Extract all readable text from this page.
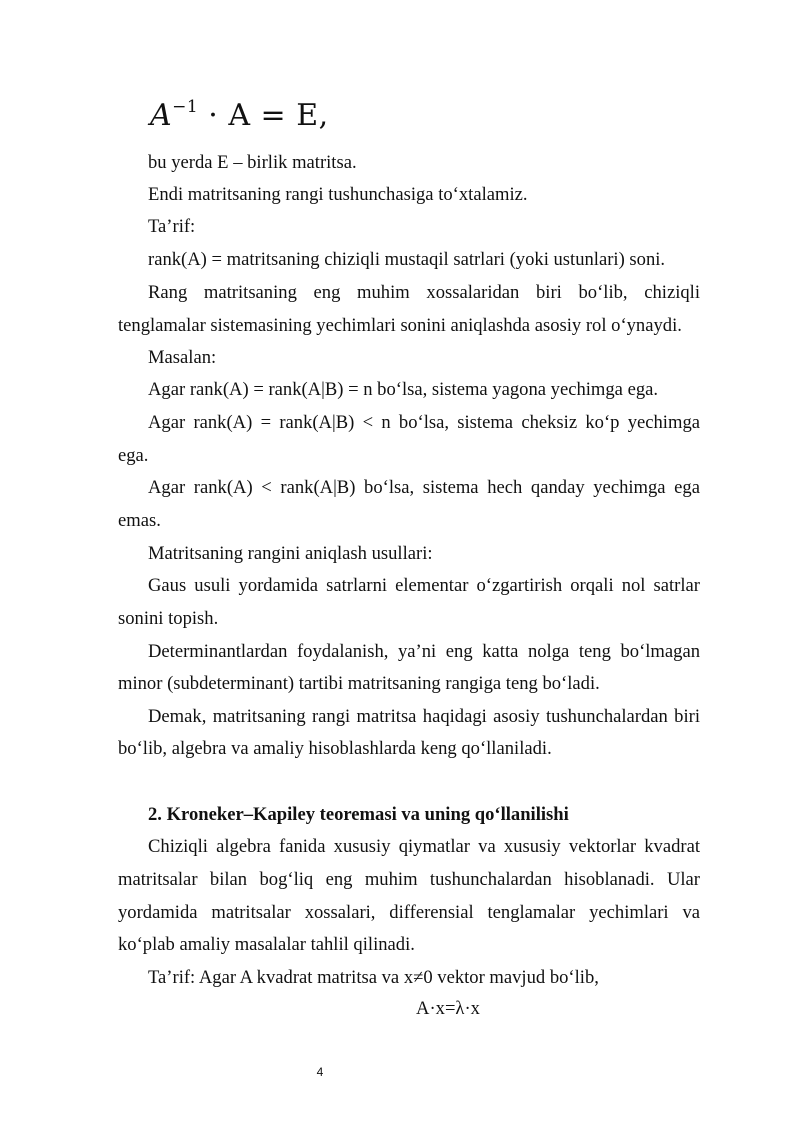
$A^{-1} \cdot A = E$,
bu yerda E – birlik matritsa.
Endi matritsaning rangi tushunchasiga to‘xtalamiz.
Ta’rif:
rank(A) = matritsaning chiziqli mustaqil satrlari (yoki ustunlari) soni.
Rang matritsaning eng muhim xossalaridan biri bo‘lib, chiziqli
tenglamalar sistemasining yechimlari sonini aniqlashda asosiy rol o‘ynaydi.
Masalan:
Agar rank(A) = rank(A|B) = n bo‘lsa, sistema yagona yechimga ega.
Agar rank(A) = rank(A|B) < n bo‘lsa, sistema cheksiz ko‘p yechimga
ega.
Agar rank(A) < rank(A|B) bo‘lsa, sistema hech qanday yechimga ega
emas.
Matritsaning rangini aniqlash usullari:
Gaus usuli yordamida satrlarni elementar o‘zgartirish orqali nol satrlar
sonini topish.
Determinantlardan foydalanish, ya’ni eng katta nolga teng bo‘lmagan
minor (subdeterminant) tartibi matritsaning rangiga teng bo‘ladi.
Demak, matritsaning rangi matritsa haqidagi asosiy tushunchalardan biri
bo‘lib, algebra va amaliy hisoblashlarda keng qo‘llaniladi.
2. Kroneker–Kapiley teoremasi va uning qo‘llanilishi
Chiziqli algebra fanida xususiy qiymatlar va xususiy vektorlar kvadrat
matritsalar bilan bog‘liq eng muhim tushunchalardan hisoblanadi. Ular
yordamida matritsalar xossalari, differensial tenglamalar yechimlari va
ko‘plab amaliy masalalar tahlil qilinadi.
Ta’rif: Agar A kvadrat matritsa va x≠0 vektor mavjud bo‘lib,
A·x=λ·x
4
